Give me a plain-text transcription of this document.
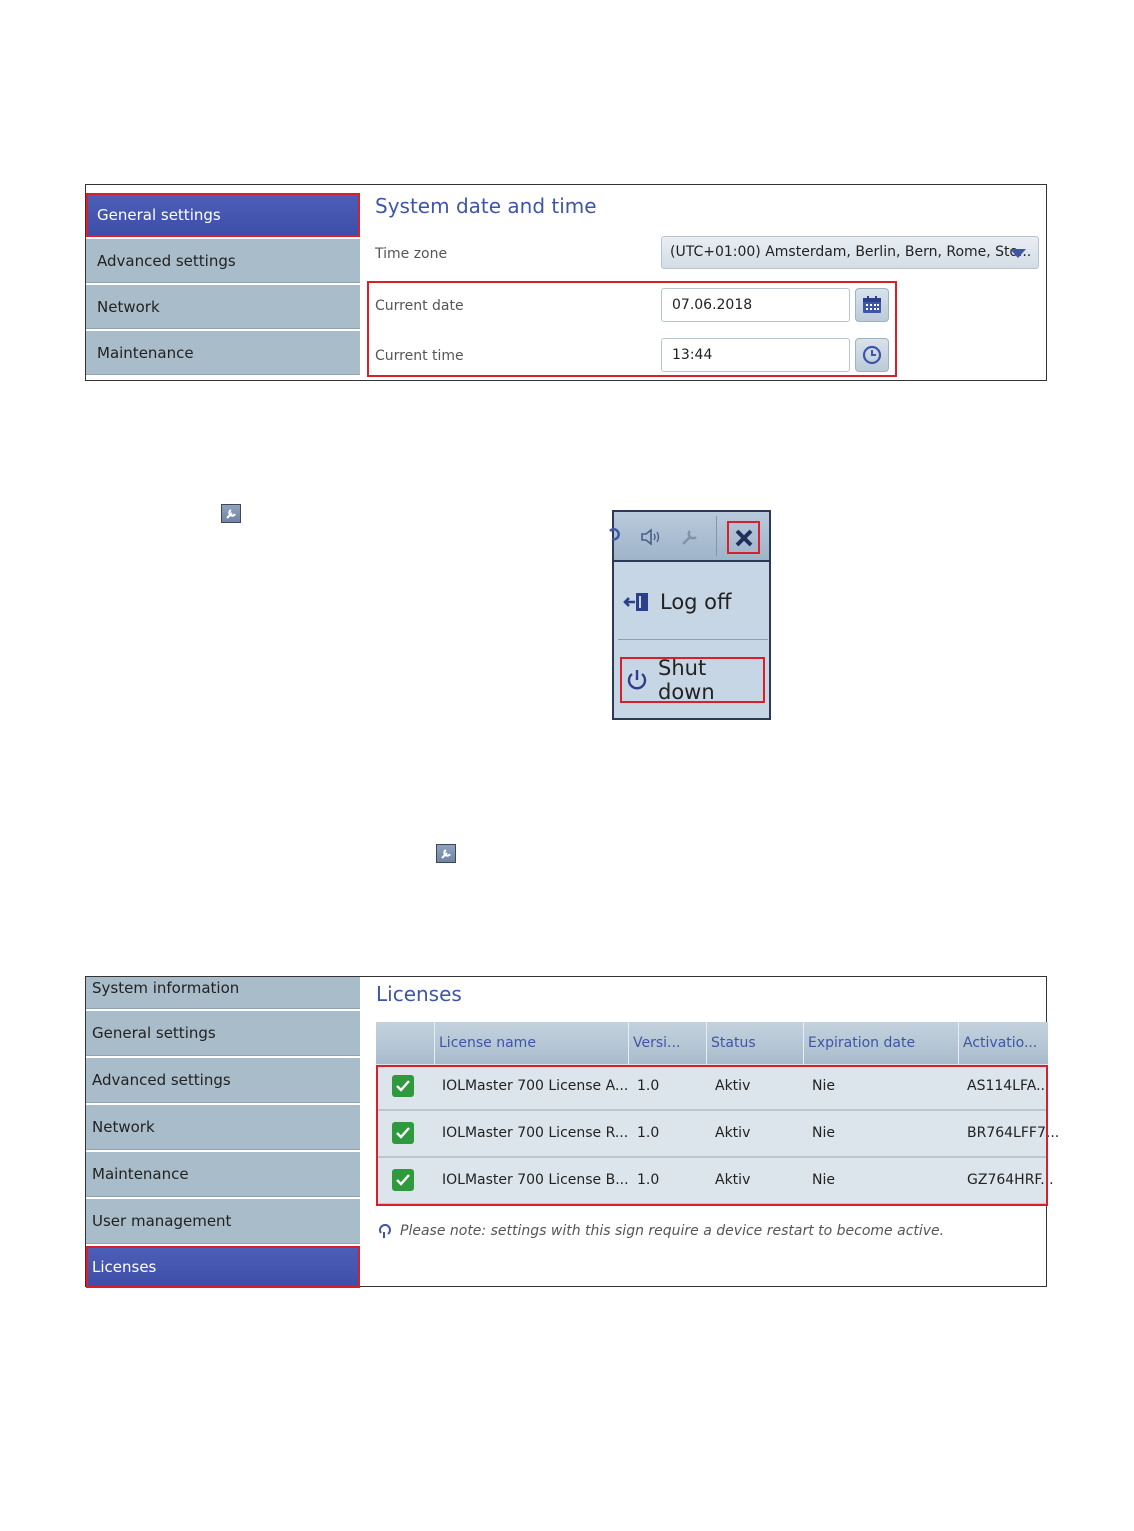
General settings
Advanced settings
Network
Maintenance
System date and time
Time zone	(UTC+01:00) Amsterdam, Berlin, Bern, Rome, Sto...
Current date	07.06.2018
Current time	13:44
Log off
Shut down
System information
General settings
Advanced settings
Network
Maintenance
User management
Licenses
Licenses
License name	Versi...	Status	Expiration date	Activatio...
IOLMaster 700 License A... 1.0	Aktiv	Nie	AS114LFA...
IOLMaster 700 License R... 1.0	Aktiv	Nie	BR764LFF7...
IOLMaster 700 License B... 1.0	Aktiv	Nie	GZ764HRF...
Please note: settings with this sign require a device restart to become active.
